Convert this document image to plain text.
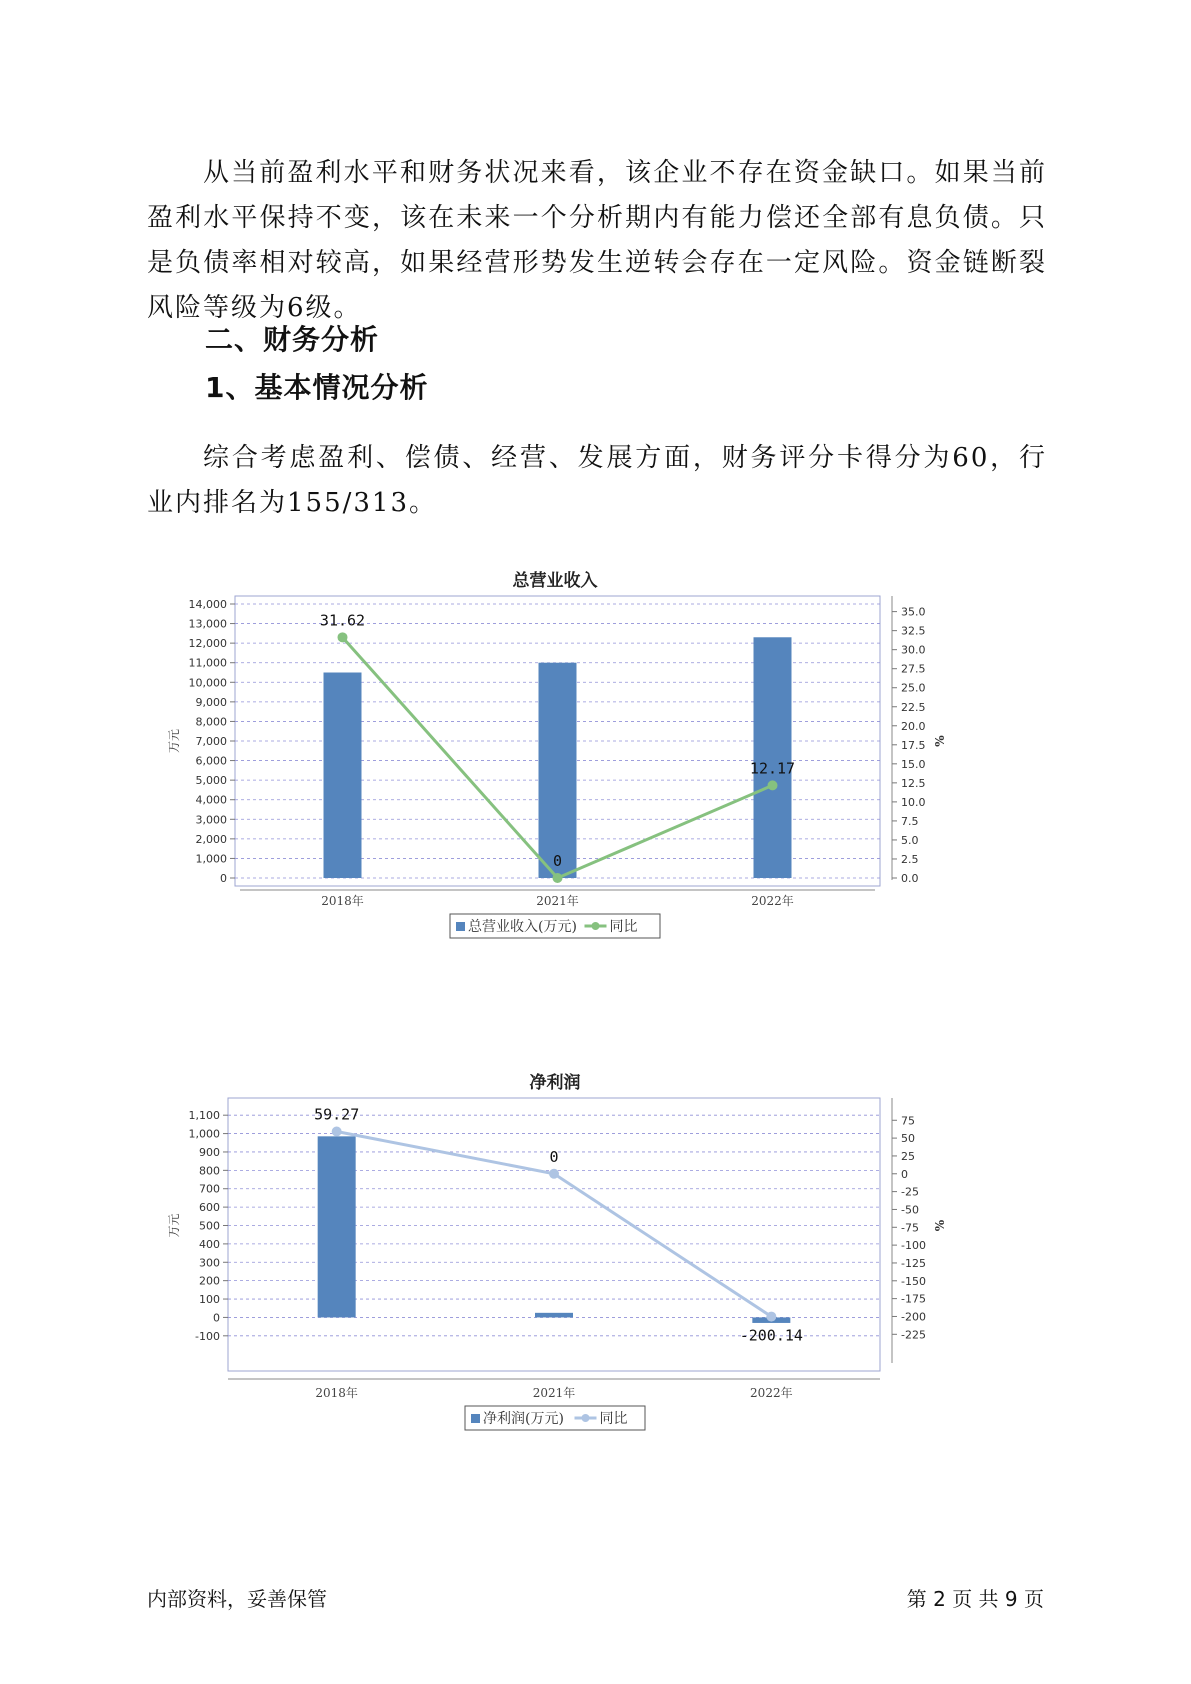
从当前盈利水平和财务状况来看，该企业不存在资金缺口。如果当前盈利水平保持不变，该在未来一个分析期内有能力偿还全部有息负债。只是负债率相对较高，如果经营形势发生逆转会存在一定风险。资金链断裂风险等级为6级。

二、财务分析
1、基本情况分析

综合考虑盈利、偿债、经营、发展方面，财务评分卡得分为60，行业内排名为155/313。

总营业收入
0
1,000
2,000
3,000
4,000
5,000
6,000
7,000
8,000
9,000
10,000
11,000
12,000
13,000
14,000
0.0
2.5
5.0
7.5
10.0
12.5
15.0
17.5
20.0
22.5
25.0
27.5
30.0
32.5
35.0
万元	%
2018年	2021年	2022年
31.62
0
12.17
总营业收入(万元) 同比
净利润
-100
0
100
200
300
400
500
600
700
800
900
1,000
1,100
-225
-200
-175
-150
-125
-100
-75
-50
-25
0
25
50
75
万元	%
2018年	2021年	2022年
59.27
0
-200.14
净利润(万元)	同比
内部资料，妥善保管	第 2 页 共 9 页
